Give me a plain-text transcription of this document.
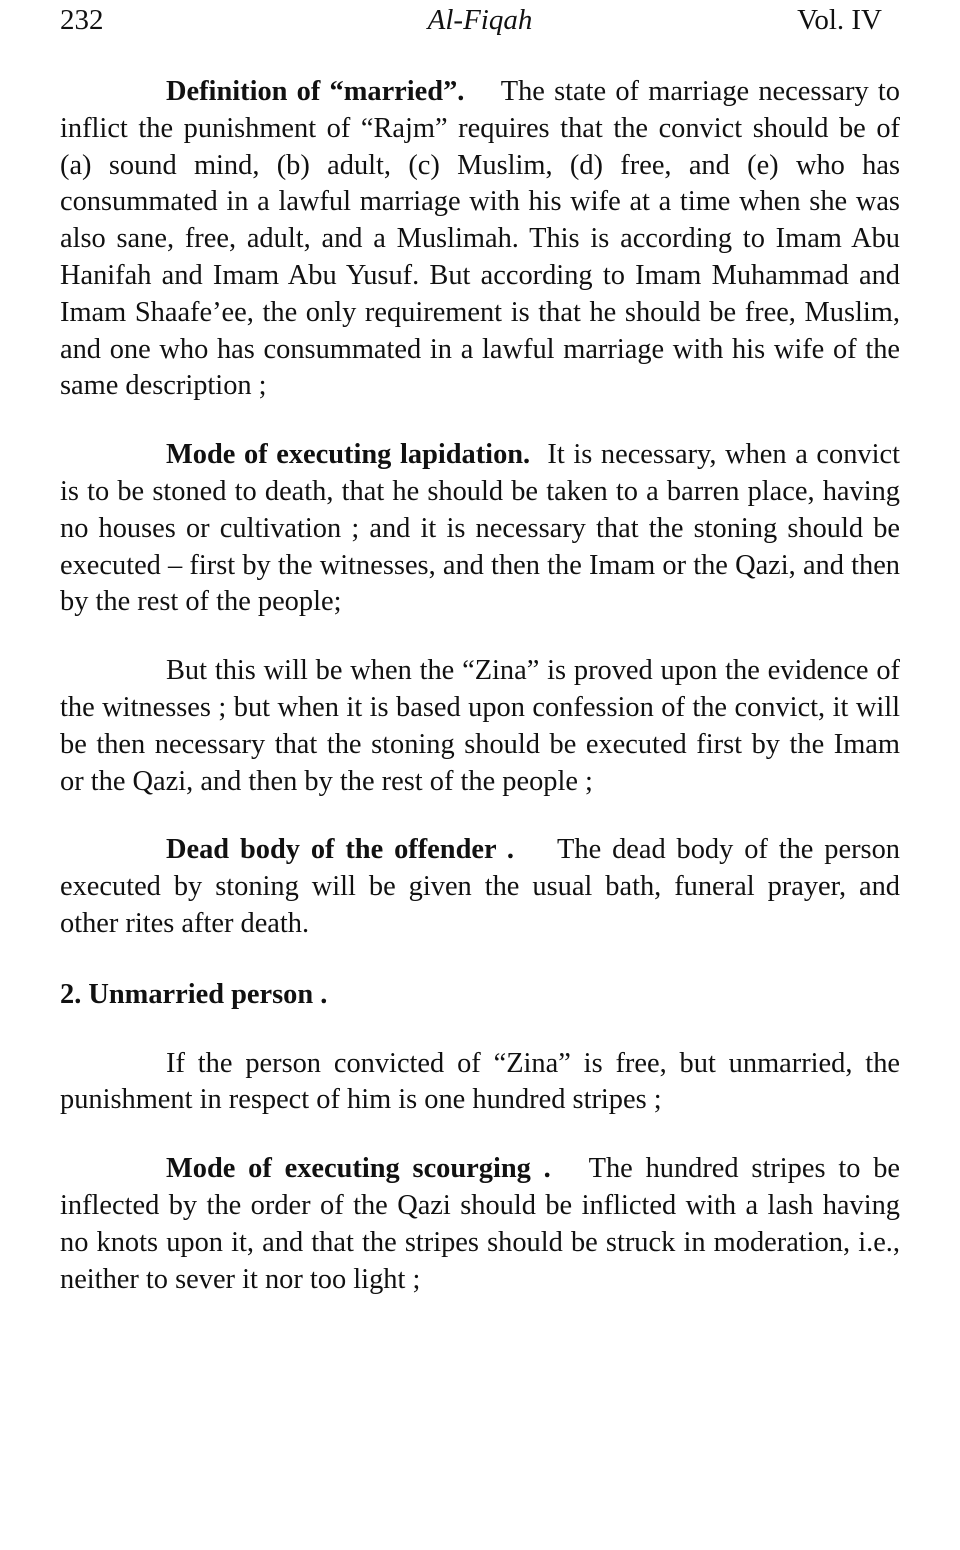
232	Al-Fiqah	Vol. IV

Definition of “married”. The state of marriage necessary to inflict the punishment of “Rajm” requires that the convict should be of (a) sound mind, (b) adult, (c) Muslim, (d) free, and (e) who has consummated in a lawful marriage with his wife at a time when she was also sane, free, adult, and a Muslimah. This is according to Imam Abu Hanifah and Imam Abu Yusuf. But according to Imam Muhammad and Imam Shaafe’ee, the only requirement is that he should be free, Muslim, and one who has consummated in a lawful marriage with his wife of the same description ;

Mode of executing lapidation. It is necessary, when a convict is to be stoned to death, that he should be taken to a barren place, having no houses or cultivation ; and it is necessary that the stoning should be executed – first by the witnesses, and then the Imam or the Qazi, and then by the rest of the people;

But this will be when the “Zina” is proved upon the evidence of the witnesses ; but when it is based upon confession of the convict, it will be then necessary that the stoning should be executed first by the Imam or the Qazi, and then by the rest of the people ;

Dead body of the offender . The dead body of the person executed by stoning will be given the usual bath, funeral prayer, and other rites after death.

2. Unmarried person .

If the person convicted of “Zina” is free, but unmarried, the punishment in respect of him is one hundred stripes ;

Mode of executing scourging . The hundred stripes to be inflected by the order of the Qazi should be inflicted with a lash having no knots upon it, and that the stripes should be struck in moderation, i.e., neither to sever it nor too light ;
